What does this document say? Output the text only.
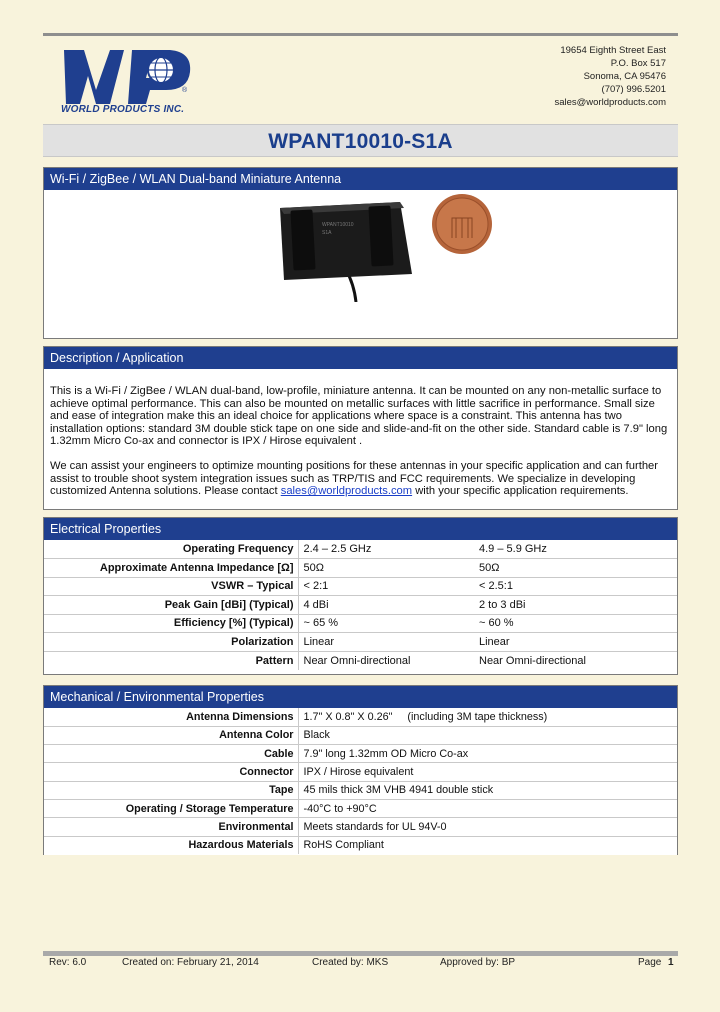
®
WORLD PRODUCTS INC.
19654 Eighth Street East
P.O. Box 517
Sonoma, CA 95476
(707) 996.5201
sales@worldproducts.com
WPANT10010-S1A
Wi-Fi / ZigBee / WLAN Dual-band Miniature Antenna
WPANT10010
S1A
Description / Application

This is a Wi-Fi / ZigBee / WLAN dual-band, low-profile, miniature antenna. It can be mounted on any non-metallic surface to achieve optimal performance. This can also be mounted on metallic surfaces with little sacrifice in performance. Small size and ease of integration make this an ideal choice for applications where space is a constraint. This antenna has two installation options: standard 3M double stick tape on one side and slide-and-fit on the other side. Standard cable is 7.9" long 1.32mm Micro Co-ax and connector is IPX / Hirose equivalent .

We can assist your engineers to optimize mounting positions for these antennas in your specific application and can further assist to trouble shoot system integration issues such as TRP/TIS and FCC requirements. We specialize in developing customized Antenna solutions. Please contact sales@worldproducts.com with your specific application requirements.

Electrical Properties
Operating Frequency	2.4 – 2.5 GHz	4.9 – 5.9 GHz
Approximate Antenna Impedance [Ω]	50Ω	50Ω
VSWR – Typical	< 2:1	< 2.5:1
Peak Gain [dBi] (Typical)	4 dBi	2 to 3 dBi
Efficiency [%] (Typical)	~ 65 %	~ 60 %
Polarization	Linear	Linear
Pattern	Near Omni-directional	Near Omni-directional
Mechanical / Environmental Properties
Antenna Dimensions	1.7" X 0.8" X 0.26"     (including 3M tape thickness)
Antenna Color	Black
Cable	7.9" long 1.32mm OD Micro Co-ax
Connector	IPX / Hirose equivalent
Tape	45 mils thick 3M VHB 4941 double stick
Operating / Storage Temperature	-40°C to +90°C
Environmental	Meets standards for UL 94V-0
Hazardous Materials	RoHS Compliant
Rev: 6.0	Created on: February 21, 2014	Created by: MKS	Approved by: BP	Page 1
